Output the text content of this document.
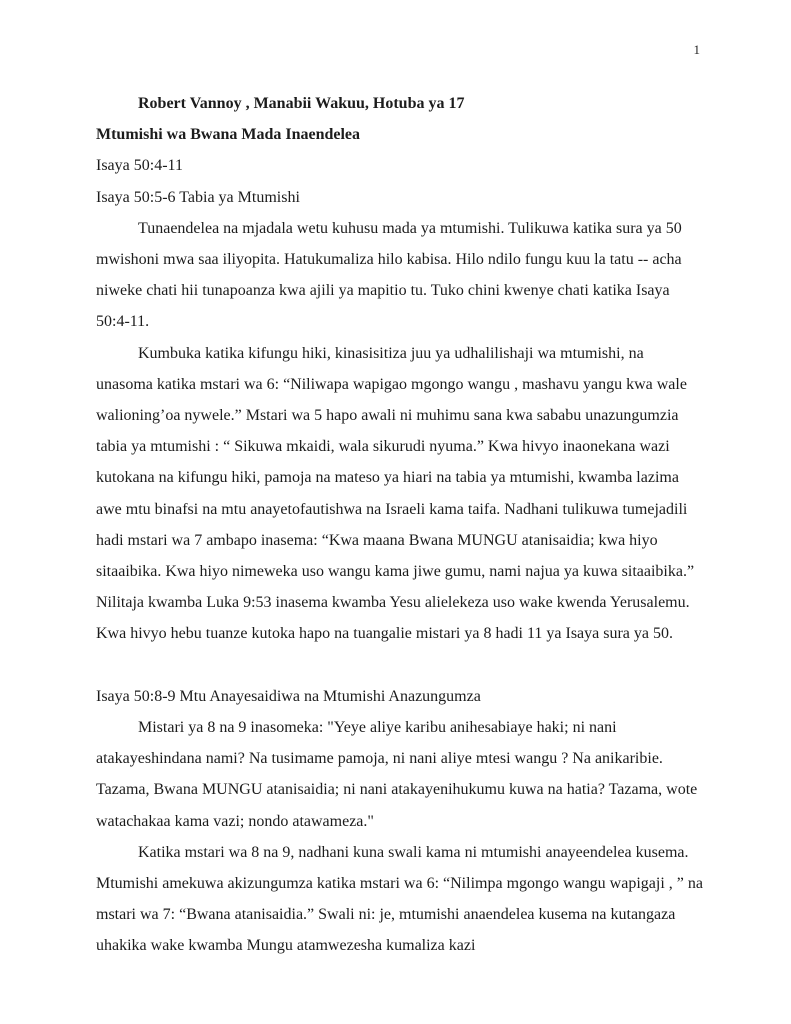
1

Robert Vannoy , Manabii Wakuu, Hotuba ya 17

Mtumishi wa Bwana Mada Inaendelea

Isaya 50:4-11

Isaya 50:5-6 Tabia ya Mtumishi

Tunaendelea na mjadala wetu kuhusu mada ya mtumishi. Tulikuwa katika sura ya 50 mwishoni mwa saa iliyopita. Hatukumaliza hilo kabisa. Hilo ndilo fungu kuu la tatu -- acha niweke chati hii tunapoanza kwa ajili ya mapitio tu. Tuko chini kwenye chati katika Isaya 50:4-11.

Kumbuka katika kifungu hiki, kinasisitiza juu ya udhalilishaji wa mtumishi, na unasoma katika mstari wa 6: “Niliwapa wapigao mgongo wangu , mashavu yangu kwa wale walioning’oa nywele.” Mstari wa 5 hapo awali ni muhimu sana kwa sababu unazungumzia tabia ya mtumishi : “ Sikuwa mkaidi, wala sikurudi nyuma.” Kwa hivyo inaonekana wazi kutokana na kifungu hiki, pamoja na mateso ya hiari na tabia ya mtumishi, kwamba lazima awe mtu binafsi na mtu anayetofautishwa na Israeli kama taifa. Nadhani tulikuwa tumejadili hadi mstari wa 7 ambapo inasema: “Kwa maana Bwana MUNGU atanisaidia; kwa hiyo sitaaibika. Kwa hiyo nimeweka uso wangu kama jiwe gumu, nami najua ya kuwa sitaaibika.” Nilitaja kwamba Luka 9:53 inasema kwamba Yesu alielekeza uso wake kwenda Yerusalemu. Kwa hivyo hebu tuanze kutoka hapo na tuangalie mistari ya 8 hadi 11 ya Isaya sura ya 50.

Isaya 50:8-9 Mtu Anayesaidiwa na Mtumishi Anazungumza

Mistari ya 8 na 9 inasomeka: "Yeye aliye karibu anihesabiaye haki; ni nani atakayeshindana nami? Na tusimame pamoja, ni nani aliye mtesi wangu ? Na anikaribie. Tazama, Bwana MUNGU atanisaidia; ni nani atakayenihukumu kuwa na hatia? Tazama, wote watachakaa kama vazi; nondo atawameza."

Katika mstari wa 8 na 9, nadhani kuna swali kama ni mtumishi anayeendelea kusema. Mtumishi amekuwa akizungumza katika mstari wa 6: “Nilimpa mgongo wangu wapigaji , ” na mstari wa 7: “Bwana atanisaidia.” Swali ni: je, mtumishi anaendelea kusema na kutangaza uhakika wake kwamba Mungu atamwezesha kumaliza kazi
